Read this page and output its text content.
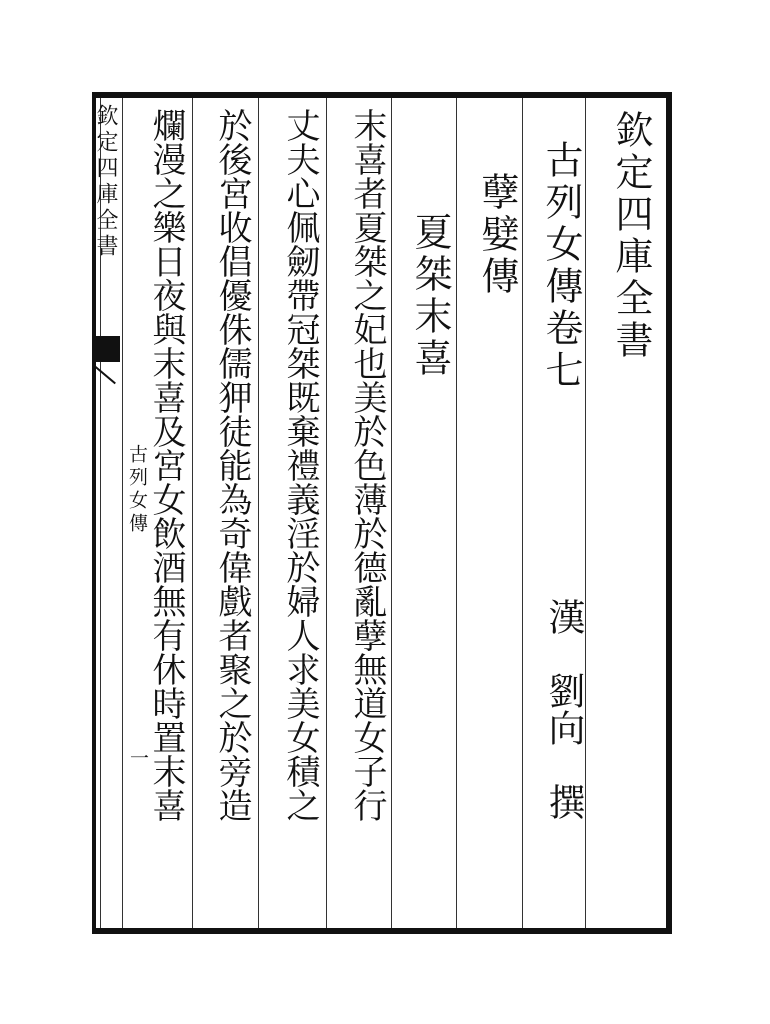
欽定四庫全書
古列女傳
一
欽定四庫全書
古列女傳卷七
漢　劉向　撰
孽嬖傳
夏桀末喜
末喜者夏桀之妃也美於色薄於德亂孽無道女子行
丈夫心佩劒帶冠桀既棄禮義淫於婦人求美女積之
於後宮收倡優侏儒狎徒能為奇偉戲者聚之於旁造
爛漫之樂日夜與末喜及宮女飲酒無有休時置末喜
